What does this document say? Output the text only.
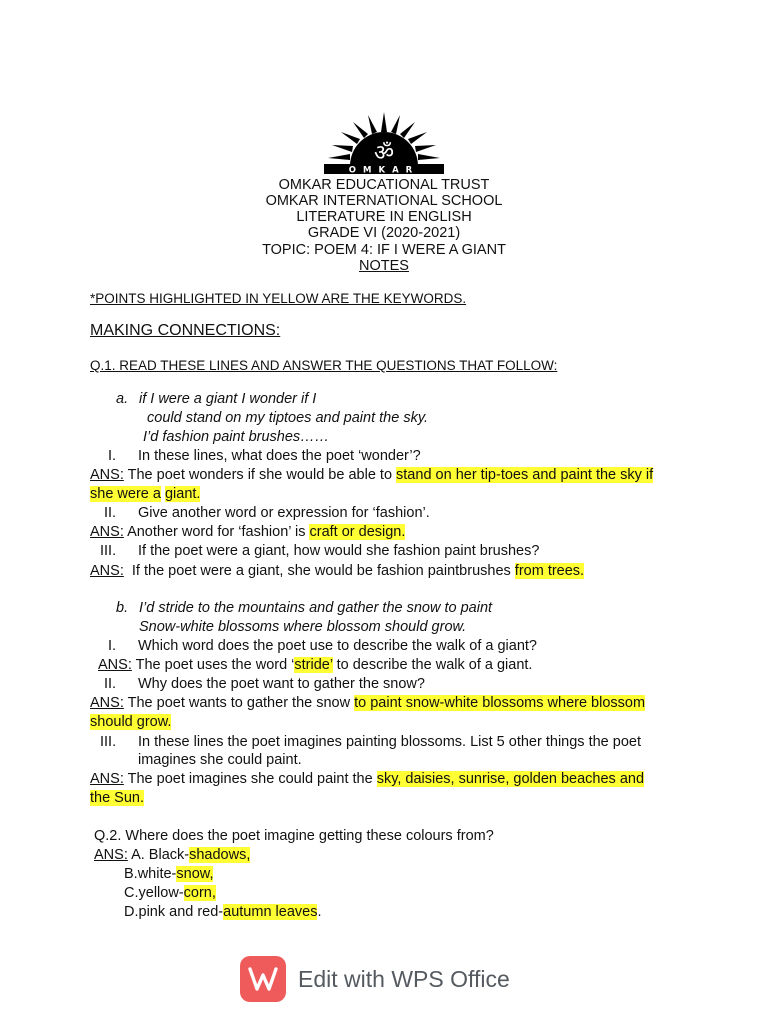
ॐ
OMKAR
OMKAR EDUCATIONAL TRUST
OMKAR INTERNATIONAL SCHOOL
LITERATURE IN ENGLISH
GRADE VI (2020-2021)
TOPIC: POEM 4: IF I WERE A GIANT
NOTES
*POINTS HIGHLIGHTED IN YELLOW ARE THE KEYWORDS.
MAKING CONNECTIONS:
Q.1. READ THESE LINES AND ANSWER THE QUESTIONS THAT FOLLOW:
a. if I were a giant I wonder if I
could stand on my tiptoes and paint the sky.
I’d fashion paint brushes……
I. In these lines, what does the poet ‘wonder’?
ANS: The poet wonders if she would be able to stand on her tip-toes and paint the sky if
she were a giant.
II. Give another word or expression for ‘fashion’.
ANS: Another word for ‘fashion’ is craft or design.
III. If the poet were a giant, how would she fashion paint brushes?
ANS:  If the poet were a giant, she would be fashion paintbrushes from trees.
b. I’d stride to the mountains and gather the snow to paint
Snow-white blossoms where blossom should grow.
I. Which word does the poet use to describe the walk of a giant?
ANS: The poet uses the word ‘stride’ to describe the walk of a giant.
II. Why does the poet want to gather the snow?
ANS: The poet wants to gather the snow to paint snow-white blossoms where blossom
should grow.
III. In these lines the poet imagines painting blossoms. List 5 other things the poet
imagines she could paint.
ANS: The poet imagines she could paint the sky, daisies, sunrise, golden beaches and
the Sun.
Q.2. Where does the poet imagine getting these colours from?
ANS: A. Black-shadows,
B.white-snow,
C.yellow-corn,
D.pink and red-autumn leaves.
Edit with WPS Office
